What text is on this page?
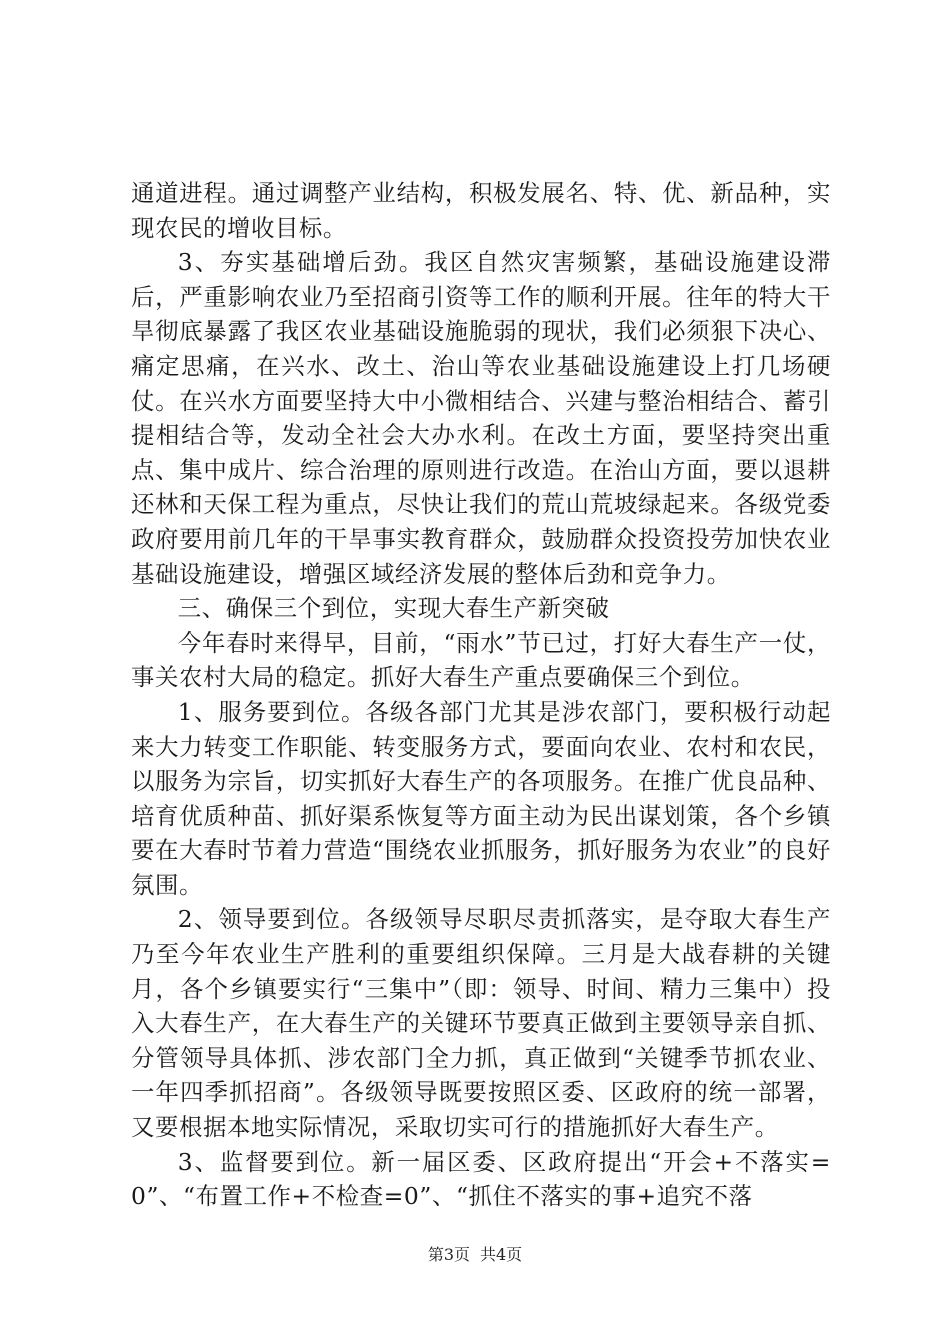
通道进程。通过调整产业结构，积极发展名、特、优、新品种，实现农民的增收目标。

3、夯实基础增后劲。我区自然灾害频繁，基础设施建设滞后，严重影响农业乃至招商引资等工作的顺利开展。往年的特大干旱彻底暴露了我区农业基础设施脆弱的现状，我们必须狠下决心、痛定思痛，在兴水、改土、治山等农业基础设施建设上打几场硬仗。在兴水方面要坚持大中小微相结合、兴建与整治相结合、蓄引提相结合等，发动全社会大办水利。在改土方面，要坚持突出重点、集中成片、综合治理的原则进行改造。在治山方面，要以退耕还林和天保工程为重点，尽快让我们的荒山荒坡绿起来。各级党委政府要用前几年的干旱事实教育群众，鼓励群众投资投劳加快农业基础设施建设，增强区域经济发展的整体后劲和竞争力。

三、确保三个到位，实现大春生产新突破

今年春时来得早，目前，“雨水”节已过，打好大春生产一仗，事关农村大局的稳定。抓好大春生产重点要确保三个到位。

1、服务要到位。各级各部门尤其是涉农部门，要积极行动起来大力转变工作职能、转变服务方式，要面向农业、农村和农民，以服务为宗旨，切实抓好大春生产的各项服务。在推广优良品种、培育优质种苗、抓好渠系恢复等方面主动为民出谋划策，各个乡镇要在大春时节着力营造“围绕农业抓服务，抓好服务为农业”的良好氛围。

2、领导要到位。各级领导尽职尽责抓落实，是夺取大春生产乃至今年农业生产胜利的重要组织保障。三月是大战春耕的关键月，各个乡镇要实行“三集中”（即：领导、时间、精力三集中）投入大春生产，在大春生产的关键环节要真正做到主要领导亲自抓、分管领导具体抓、涉农部门全力抓，真正做到“关键季节抓农业、一年四季抓招商”。各级领导既要按照区委、区政府的统一部署，又要根据本地实际情况，采取切实可行的措施抓好大春生产。

3、监督要到位。新一届区委、区政府提出“开会+不落实=0”、“布置工作+不检查=0”、“抓住不落实的事+追究不落

第3页 共4页
